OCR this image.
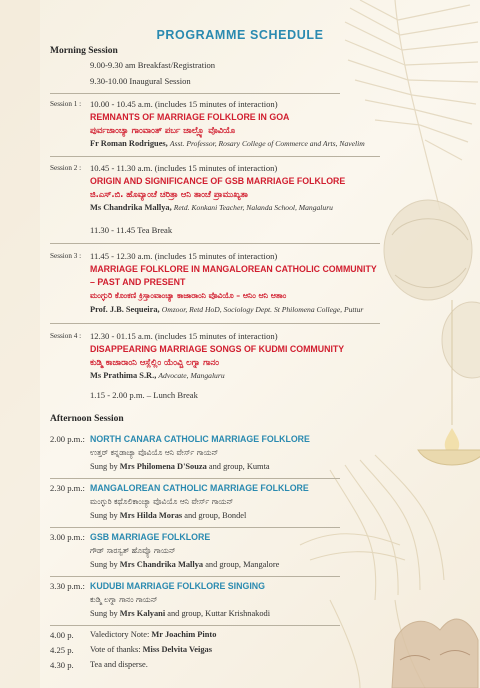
PROGRAMME SCHEDULE
Morning Session
9.00-9.30 am Breakfast/Registration
9.30-10.00 Inaugural Session
Session 1 : 10.00 - 10.45 a.m. (includes 15 minutes of interaction)
REMNANTS OF MARRIAGE FOLKLORE IN GOA
ಪುರ್ವಜಾಂಚ್ಯಾ ಗಾಂವಾಂತ್ ಪರ್ಬ ಜಾಲ್ಲ್ಯೊ ವೊವಿಯೊ
Fr Roman Rodrigues, Asst. Professor, Rosary College of Commerce and Arts, Navelim
Session 2 : 10.45 - 11.30 a.m. (includes 15 minutes of interaction)
ORIGIN AND SIGNIFICANCE OF GSB MARRIAGE FOLKLORE
ಜಿ.ಎಸ್.ಬಿ. ಹೊವ್ಯಾಂಚೆ ಚರಿತ್ರಾ ಆನಿ ತಾಂಚೆ ಪ್ರಾಮುಖ್ಯತಾ
Ms Chandrika Mallya, Retd. Konkani Teacher, Nalanda School, Mangaluru
11.30 - 11.45 Tea Break
Session 3 : 11.45 - 12.30 a.m. (includes 15 minutes of interaction)
MARRIAGE FOLKLORE IN MANGALOREAN CATHOLIC COMMUNITY
– PAST AND PRESENT
ಮಂಗ್ಳುರಿ ಕೊಂಕಣಿ ಕ್ರಿಸ್ತಾಂವಾಂಚ್ಯಾ ಕಾಜಾರಾಂನಿ ವೊವಿಯೊ – ಆನಿಂ ಆನಿ ಆತಾಂ
Prof. J.B. Sequeira, Omzoor, Retd HoD, Sociology Dept. St Philomena College, Puttur
Session 4 : 12.30 - 01.15 a.m. (includes 15 minutes of interaction)
DISAPPEARING MARRIAGE SONGS OF KUDMI COMMUNITY
ಕುಡ್ಮಿ ಕಾಜಾರಾಂನಿ ಆಸ್ಲೆಲ್ಲಿಂ ಯೆಂವ್ಚಿ ಲಗ್ನಾ ಗಾನಂ
Ms Prathima S.R., Advocate, Mangaluru
1.15 - 2.00 p.m. – Lunch Break
Afternoon Session
2.00 p.m.: NORTH CANARA CATHOLIC MARRIAGE FOLKLORE
ಉತ್ತರ್ ಕನ್ನಡಾಚ್ಯಾ ವೊವಿಯೊ ಆನಿ ವೇರ್ಸ್ ಗಾಯನ್
Sung by Mrs Philomena D'Souza and group, Kumta
2.30 p.m.: MANGALOREAN CATHOLIC MARRIAGE FOLKLORE
ಮಂಗ್ಳುರಿ ಕಥೊಲಿಕಾಂಚ್ಯಾ ವೊವಿಯೊ ಆನಿ ವೇರ್ಸ್ ಗಾಯನ್
Sung by Mrs Hilda Moras and group, Bondel
3.00 p.m.: GSB MARRIAGE FOLKLORE
ಗೌಡ್ ಸಾರಸ್ವತ್ ಹೊವ್ಯೊ ಗಾಯನ್
Sung by Mrs Chandrika Mallya and group, Mangalore
3.30 p.m.: KUDUBI MARRIAGE FOLKLORE SINGING
ಕುಡ್ಮಿ ಲಗ್ನಾ ಗಾನಂ ಗಾಯನ್
Sung by Mrs Kalyani and group, Kuttar Krishnakodi
4.00 p. Valedictory Note: Mr Joachim Pinto
4.25 p. Vote of thanks: Miss Delvita Veigas
4.30 p. Tea and disperse.
